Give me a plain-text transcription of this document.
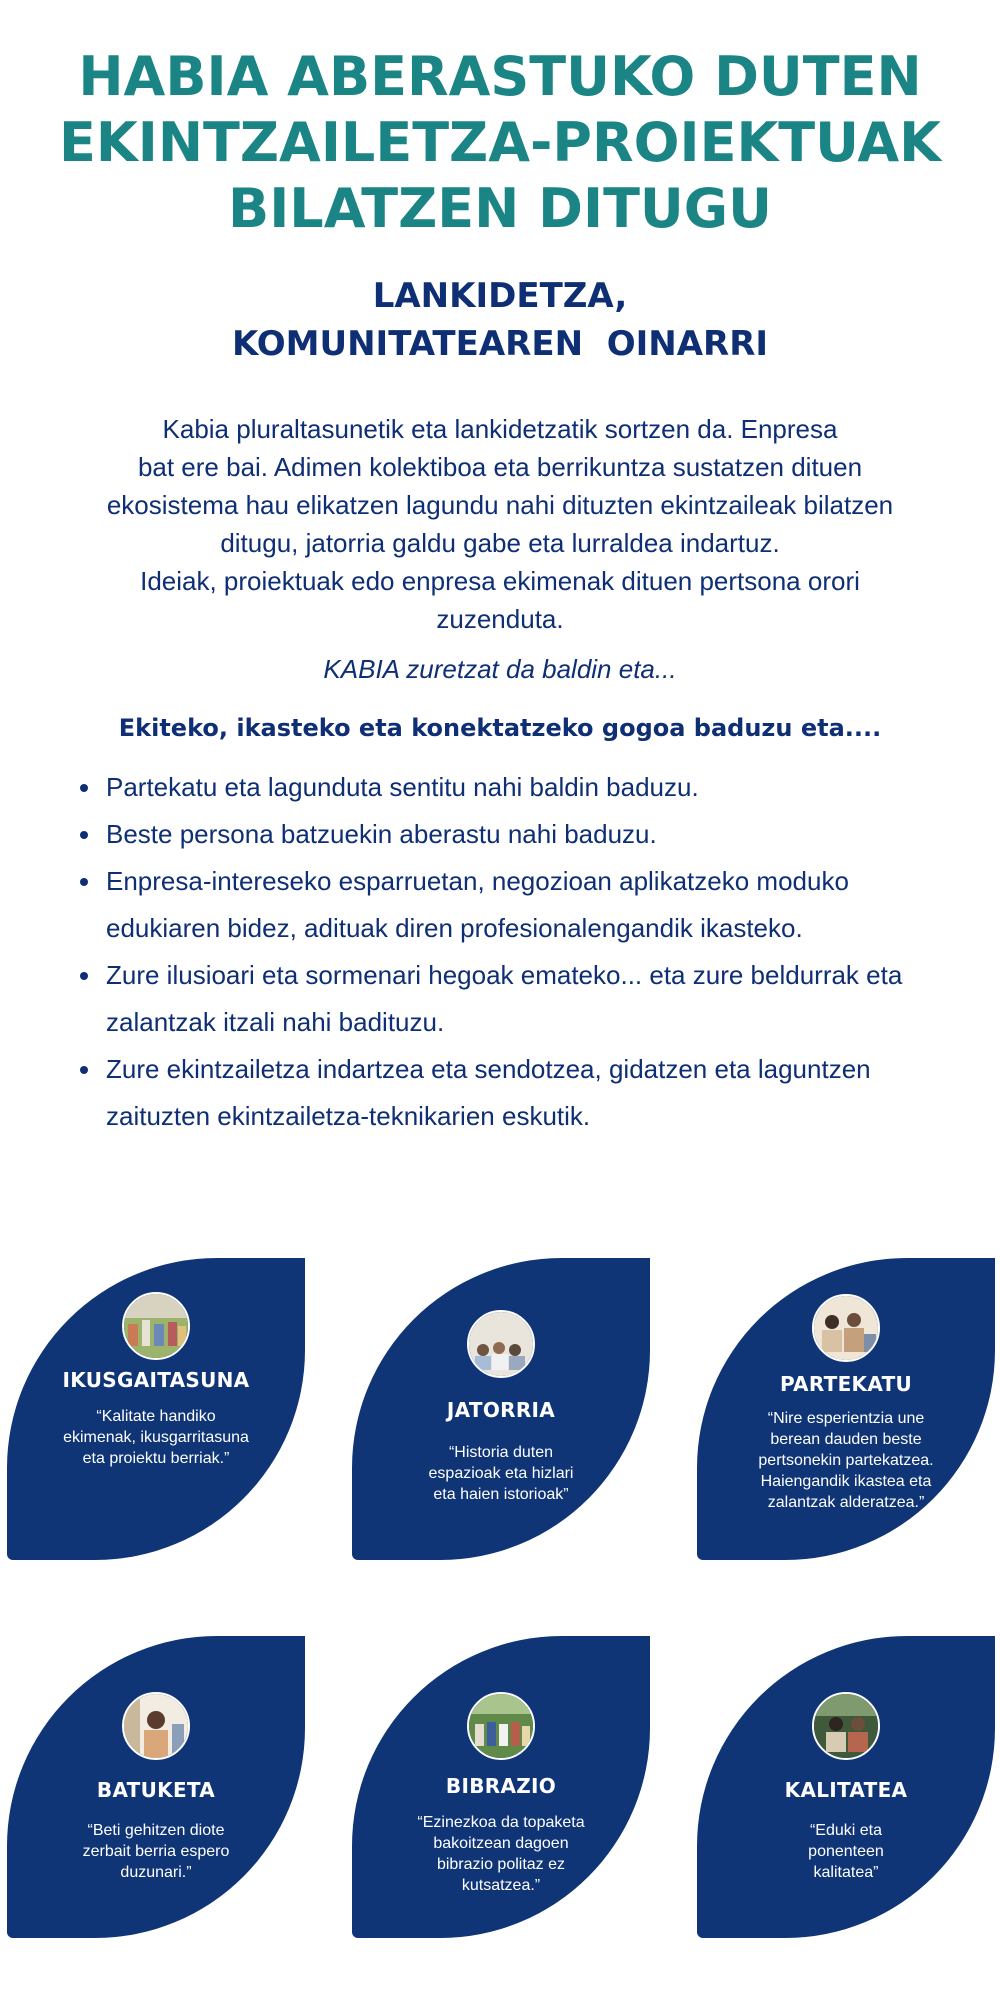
HABIA ABERASTUKO DUTEN
EKINTZAILETZA-PROIEKTUAK
BILATZEN DITUGU
LANKIDETZA,
KOMUNITATEAREN  OINARRI
Kabia pluraltasunetik eta lankidetzatik sortzen da. Enpresa
bat ere bai. Adimen kolektiboa eta berrikuntza sustatzen dituen
ekosistema hau elikatzen lagundu nahi dituzten ekintzaileak bilatzen
ditugu, jatorria galdu gabe eta lurraldea indartuz.
Ideiak, proiektuak edo enpresa ekimenak dituen pertsona orori
zuzenduta.
KABIA zuretzat da baldin eta...
Ekiteko, ikasteko eta konektatzeko gogoa baduzu eta....
Partekatu eta lagunduta sentitu nahi baldin baduzu.
Beste persona batzuekin aberastu nahi baduzu.
Enpresa-intereseko esparruetan, negozioan aplikatzeko moduko edukiaren bidez, adituak diren profesionalengandik ikasteko.
Zure ilusioari eta sormenari hegoak emateko... eta zure beldurrak eta zalantzak itzali nahi badituzu.
Zure ekintzailetza indartzea eta sendotzea, gidatzen eta laguntzen zaituzten ekintzailetza-teknikarien eskutik.
IKUSGAITASUNA
“Kalitate handiko
ekimenak, ikusgarritasuna
eta proiektu berriak.”
JATORRIA
“Historia duten
espazioak eta hizlari
eta haien istorioak”
PARTEKATU
“Nire esperientzia une
berean dauden beste
pertsonekin partekatzea.
Haiengandik ikastea eta
zalantzak alderatzea.”
BATUKETA
“Beti gehitzen diote
zerbait berria espero
duzunari.”
BIBRAZIO
“Ezinezkoa da topaketa
bakoitzean dagoen
bibrazio politaz ez
kutsatzea.”
KALITATEA
“Eduki eta
ponenteen
kalitatea”
